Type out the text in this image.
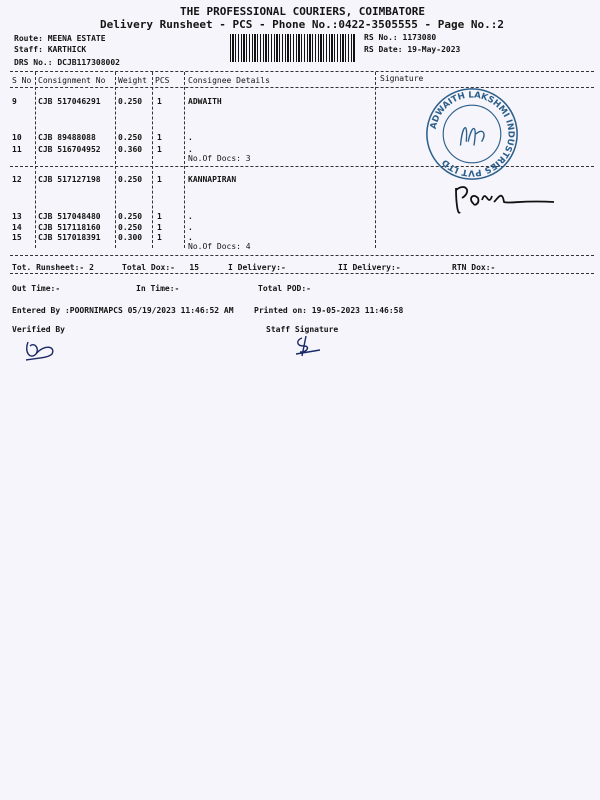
THE PROFESSIONAL COURIERS, COIMBATORE
Delivery Runsheet - PCS - Phone No.:0422-3505555 - Page No.:2
Route: MEENA ESTATE
Staff: KARTHICK
DRS No.: DCJB117308002
RS No.: 1173080
RS Date: 19-May-2023
S No Consignment No Weight PCS Consignee Details	Signature
9	CJB 517046291 0.250 1	ADWAITH
10 CJB 89488088	0.250 1	.
11 CJB 516704952 0.360 1	.
No.Of Docs: 3
12 CJB 517127198 0.250 1	KANNAPIRAN
13 CJB 517048480 0.250 1	.
14 CJB 517118160 0.250 1	.
15 CJB 517018391 0.300 1	.
No.Of Docs: 4
ADWAITH LAKSHMI INDUSTRIES PVT LTD
Tot. Runsheet:- 2	Total Dox:-   15	I Delivery:-	II Delivery:-	RTN Dox:-
Out Time:-	In Time:-	Total POD:-
Entered By :POORNIMAPCS 05/19/2023 11:46:52 AM	Printed on: 19-05-2023 11:46:58
Verified By	Staff Signature
